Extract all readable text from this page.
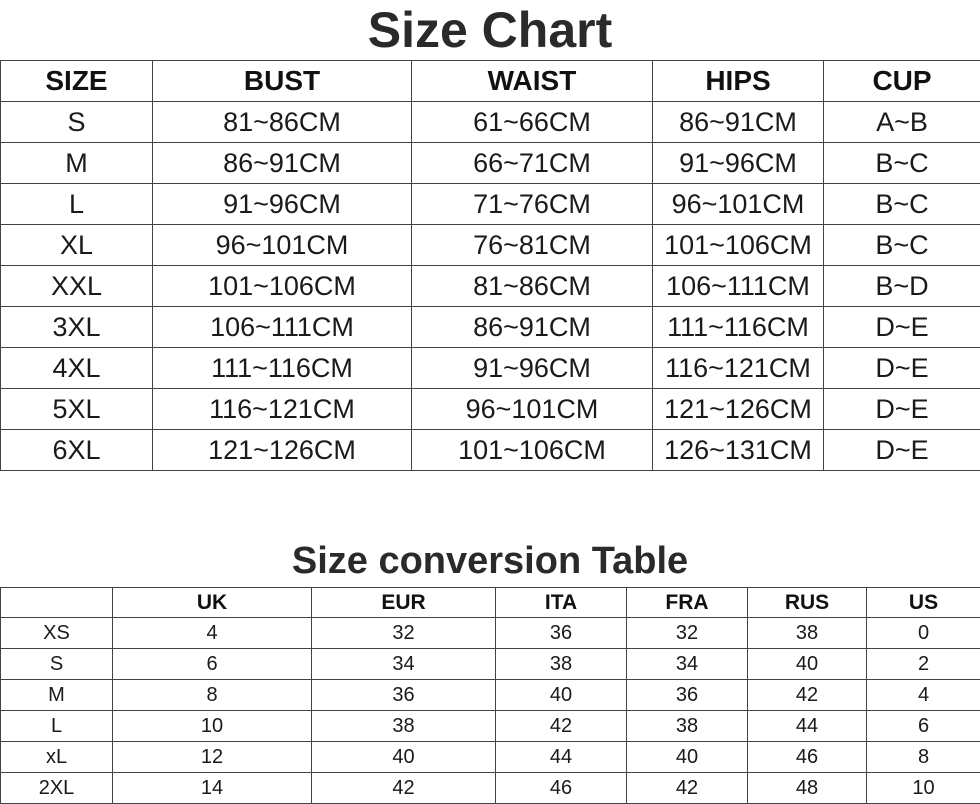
Size Chart
SIZE	BUST	WAIST	HIPS	CUP
S	81~86CM	61~66CM	86~91CM	A~B
M	86~91CM	66~71CM	91~96CM	B~C
L	91~96CM	71~76CM	96~101CM	B~C
XL	96~101CM	76~81CM	101~106CM	B~C
XXL	101~106CM	81~86CM	106~111CM	B~D
3XL	106~111CM	86~91CM	111~116CM	D~E
4XL	111~116CM	91~96CM	116~121CM	D~E
5XL	116~121CM	96~101CM	121~126CM	D~E
6XL	121~126CM	101~106CM	126~131CM	D~E
Size conversion Table
	UK	EUR	ITA	FRA	RUS	US
XS	4	32	36	32	38	0
S	6	34	38	34	40	2
M	8	36	40	36	42	4
L	10	38	42	38	44	6
xL	12	40	44	40	46	8
2XL	14	42	46	42	48	10
